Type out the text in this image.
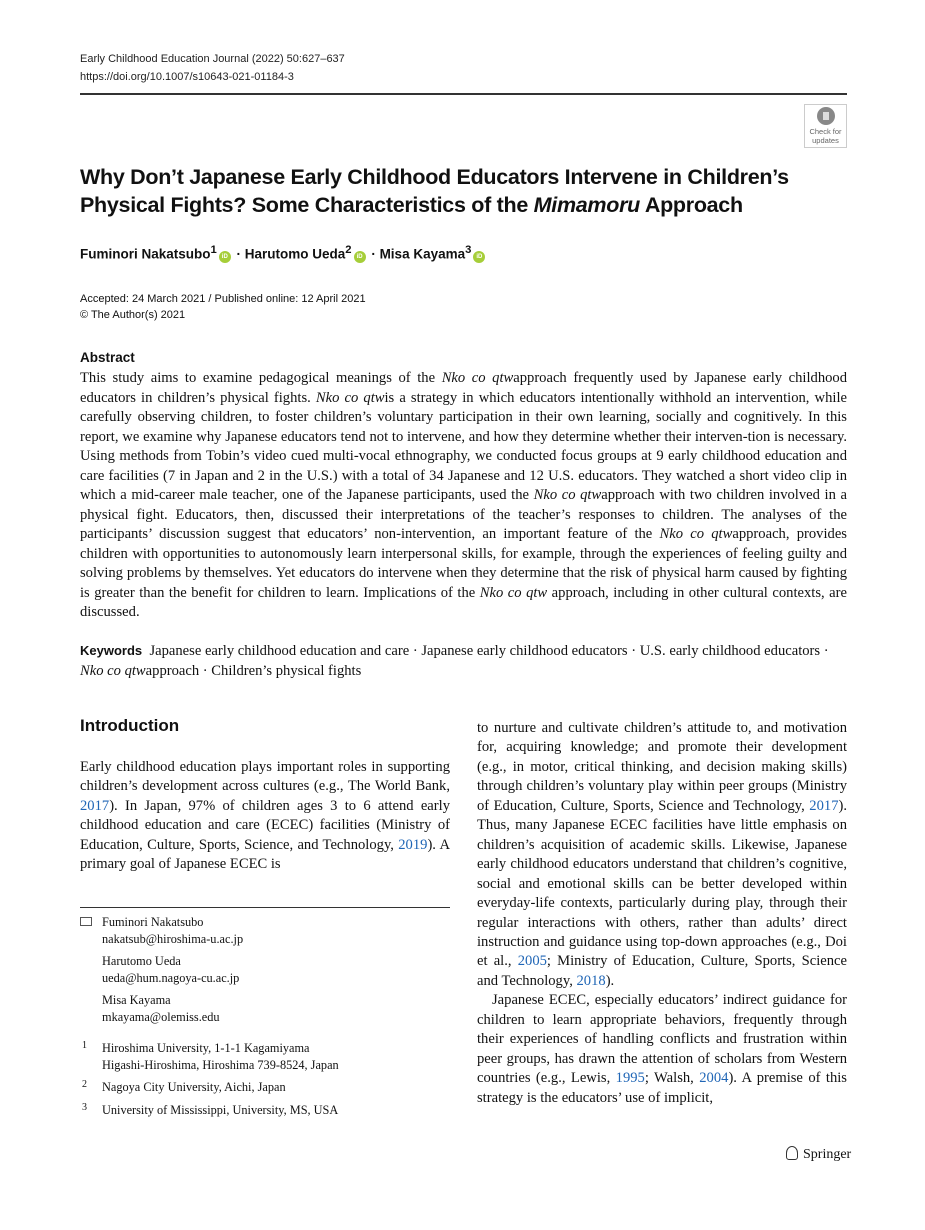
Early Childhood Education Journal (2022) 50:627–637
https://doi.org/10.1007/s10643-021-01184-3
Check for updates
Why Don’t Japanese Early Childhood Educators Intervene in Children’s Physical Fights? Some Characteristics of the Mimamoru Approach
Fuminori Nakatsubo$^1$iD · Harutomo Ueda$^2$iD · Misa Kayama$^3$iD
Accepted: 24 March 2021 / Published online: 12 April 2021
© The Author(s) 2021
Abstract

This study aims to examine pedagogical meanings of the Nko co qtwapproach frequently used by Japanese early childhood educators in children’s physical fights. Nko co qtwis a strategy in which educators intentionally withhold an intervention, while carefully observing children, to foster children’s voluntary participation in their own learning, socially and cognitively. In this report, we examine why Japanese educators tend not to intervene, and how they determine whether their interven-tion is necessary. Using methods from Tobin’s video cued multi-vocal ethnography, we conducted focus groups at 9 early childhood education and care facilities (7 in Japan and 2 in the U.S.) with a total of 34 Japanese and 12 U.S. educators. They watched a short video clip in which a mid-career male teacher, one of the Japanese participants, used the Nko co qtwapproach with two children involved in a physical fight. Educators, then, discussed their interpretations of the teacher’s responses to children. The analyses of the participants’ discussion suggest that educators’ non-intervention, an important feature of the Nko co qtwapproach, provides children with opportunities to autonomously learn interpersonal skills, for example, through the experiences of feeling guilty and solving problems by themselves. Yet educators do intervene when they determine that the risk of physical harm caused by fighting is greater than the benefit for children to learn. Implications of the Nko co qtw approach, including in other cultural contexts, are discussed.

Keywords Japanese early childhood education and care · Japanese early childhood educators · U.S. early childhood educators · Nko co qtwapproach · Children’s physical fights

Introduction

Early childhood education plays important roles in supporting children’s development across cultures (e.g., The World Bank, 2017). In Japan, 97% of children ages 3 to 6 attend early childhood education and care (ECEC) facilities (Ministry of Education, Culture, Sports, Science, and Technology, 2019). A primary goal of Japanese ECEC is

to nurture and cultivate children’s attitude to, and motivation for, acquiring knowledge; and promote their development (e.g., in motor, critical thinking, and decision making skills) through children’s voluntary play within peer groups (Ministry of Education, Culture, Sports, Science and Technology, 2017). Thus, many Japanese ECEC facilities have little emphasis on children’s acquisition of academic skills. Likewise, Japanese early childhood educators understand that children’s cognitive, social and emotional skills can be better developed within everyday-life contexts, particularly during play, through their regular interactions with others, rather than adults’ direct instruction and guidance using top-down approaches (e.g., Doi et al., 2005; Ministry of Education, Culture, Sports, Science and Technology, 2018).

Japanese ECEC, especially educators’ indirect guidance for children to learn appropriate behaviors, frequently through their experiences of handling conflicts and frustration within peer groups, has drawn the attention of scholars from Western countries (e.g., Lewis, 1995; Walsh, 2004). A premise of this strategy is the educators’ use of implicit,

Fuminori Nakatsubo
nakatsub@hiroshima-u.ac.jp
Harutomo Ueda
ueda@hum.nagoya-cu.ac.jp
Misa Kayama
mkayama@olemiss.edu
1 Hiroshima University, 1-1-1 Kagamiyama
Higashi-Hiroshima, Hiroshima 739-8524, Japan
2 Nagoya City University, Aichi, Japan
3 University of Mississippi, University, MS, USA
Springer
